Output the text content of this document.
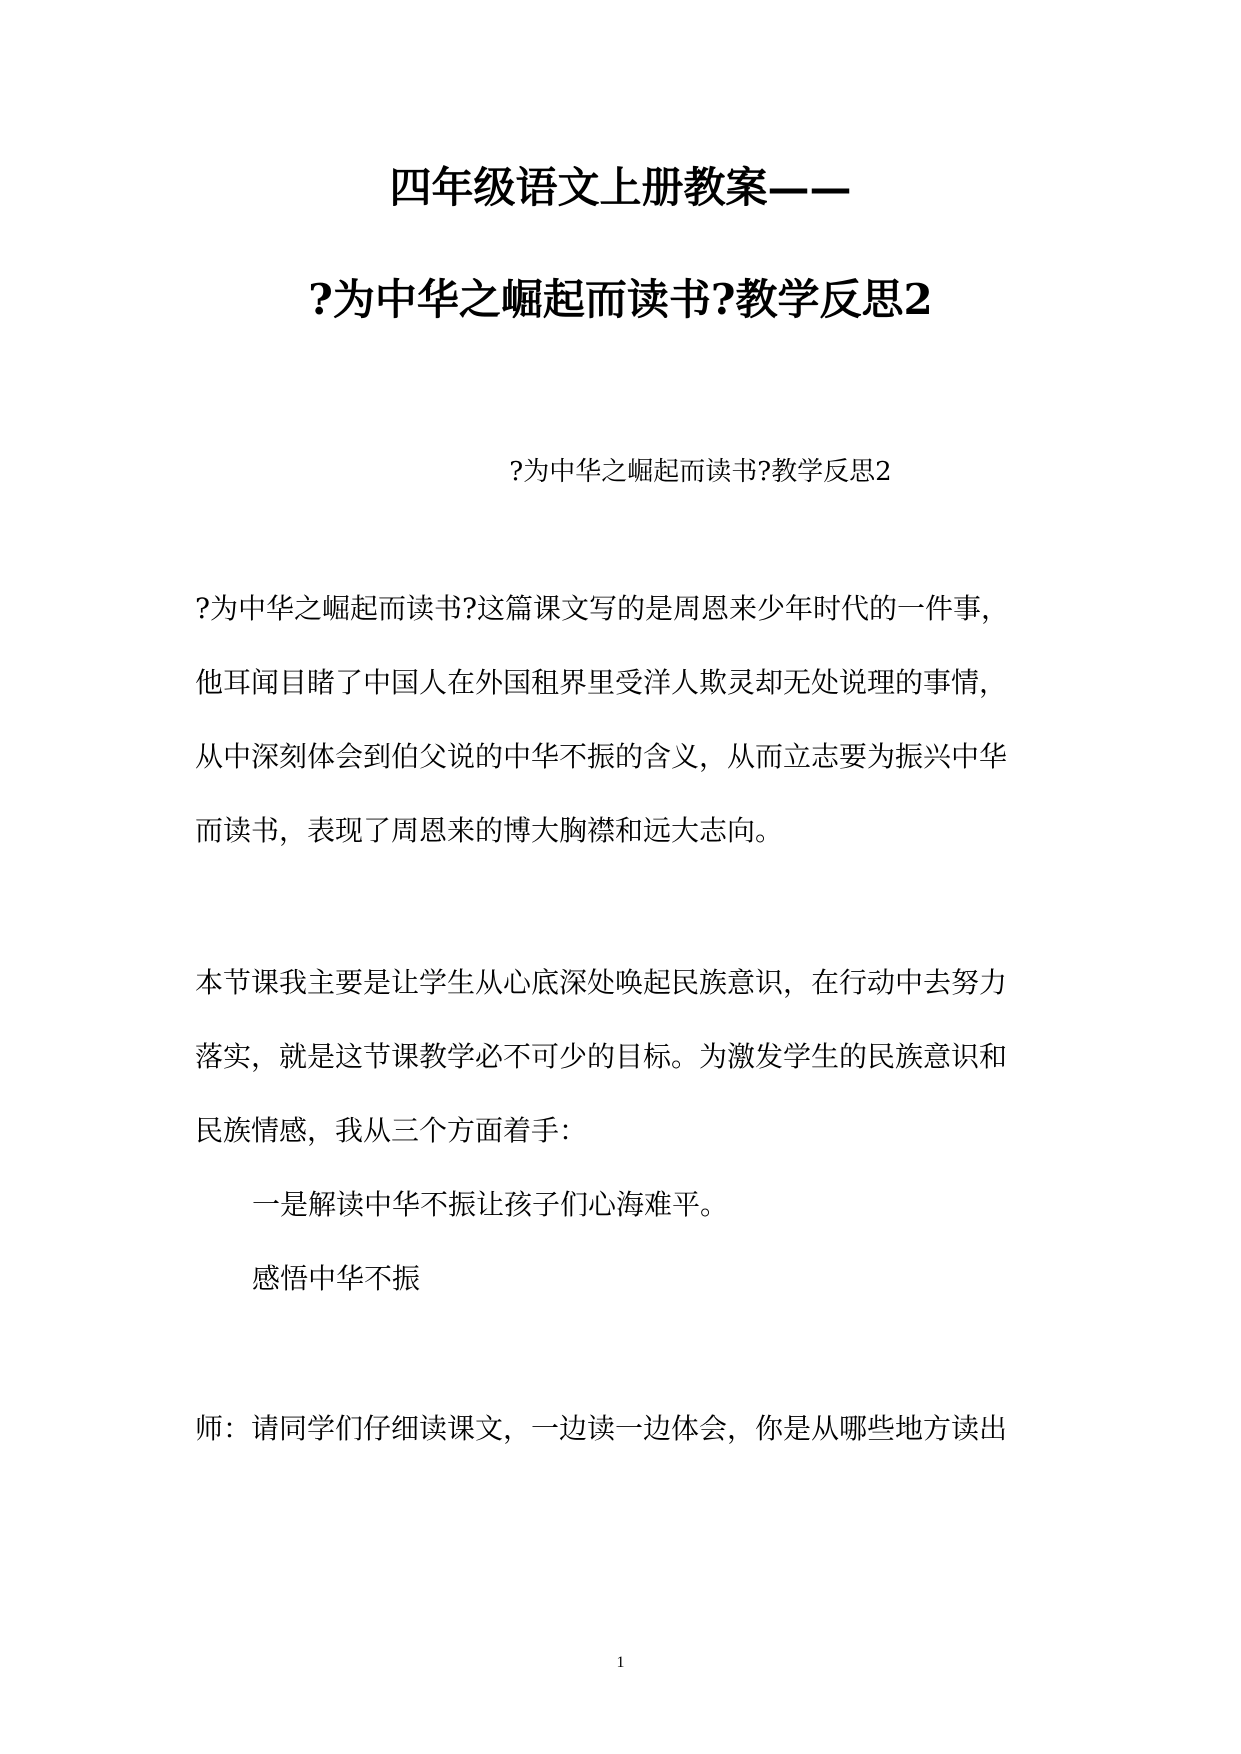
四年级语文上册教案——
?为中华之崛起而读书?教学反思2
?为中华之崛起而读书?教学反思2
?为中华之崛起而读书?这篇课文写的是周恩来少年时代的一件事，
他耳闻目睹了中国人在外国租界里受洋人欺灵却无处说理的事情，
从中深刻体会到伯父说的中华不振的含义，从而立志要为振兴中华
而读书，表现了周恩来的博大胸襟和远大志向。
本节课我主要是让学生从心底深处唤起民族意识，在行动中去努力
落实，就是这节课教学必不可少的目标。为激发学生的民族意识和
民族情感，我从三个方面着手：
一是解读中华不振让孩子们心海难平。
感悟中华不振
师：请同学们仔细读课文，一边读一边体会，你是从哪些地方读出
1
